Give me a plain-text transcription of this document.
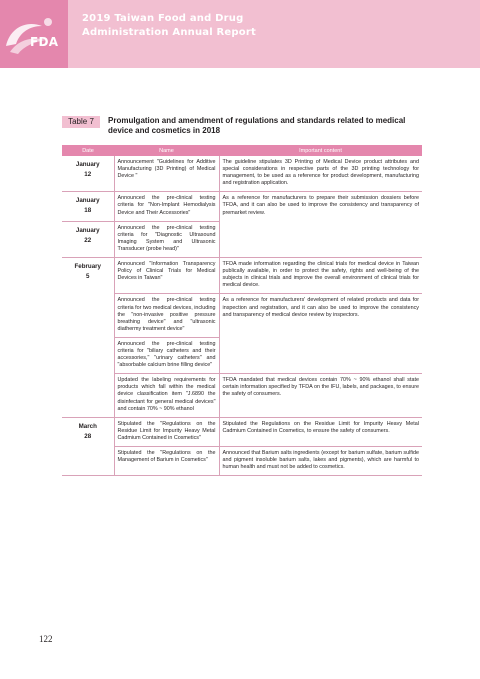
FDA
2019 Taiwan Food and Drug
Administration Annual Report
Table 7	Promulgation and amendment of regulations and standards related to medical device and cosmetics in 2018
Date	Name	Important content

January
12	Announcement "Guidelines for Additive Manufacturing (3D Printing) of Medical Device "	The guideline stipulates 3D Printing of Medical Device product attributes and special considerations in respective parts of the 3D printing technology for management, to be used as a reference for product development, manufacturing and registration application.

January
18	Announced the pre-clinical testing criteria for "Non-Implant Hemodialysis Device and Their Accessories"	As a reference for manufacturers to prepare their submission dossiers before TFDA, and it can also be used to improve the consistency and transparency of premarket review.

January
22	Announced the pre-clinical testing criteria for "Diagnostic Ultrasound Imaging System and Ultrasonic Transducer (probe head)"	

February
5	Announced "Information Transparency Policy of Clinical Trials for Medical Devices in Taiwan"	TFDA made information regarding the clinical trials for medical device in Taiwan publically available, in order to protect the safety, rights and well-being of the subjects in clinical trials and improve the overall environment of clinical trials for medical device.
	Announced the pre-clinical testing criteria for two medical devices, including the "non-invasive positive pressure breathing device" and "ultrasonic diathermy treatment device"	As a reference for manufacturers' development of related products and data for inspection and registration, and it can also be used to improve the consistency and transparency of medical device review by inspectors.
	Announced the pre-clinical testing criteria for "biliary catheters and their accessories," "urinary catheters" and "absorbable calcium brine filling device"	
	Updated the labeling requirements for products which fall within the medical device classification item "J.6890 the disinfectant for general medical devices" and contain 70% ~ 90% ethanol	TFDA mandated that medical devices contain 70% ~ 90% ethanol shall state certain information specified by TFDA on the IFU, labels, and packages, to ensure the safety of consumers.

March
28	Stipulated the "Regulations on the Residue Limit for Impurity Heavy Metal Cadmium Contained in Cosmetics"	Stipulated the Regulations on the Residue Limit for Impurity Heavy Metal Cadmium Contained in Cosmetics, to ensure the safety of consumers.
	Stipulated the "Regulations on the Management of Barium in Cosmetics"	Announced that Barium salts ingredients (except for barium sulfate, barium sulfide and pigment insoluble barium salts, lakes and pigments), which are harmful to human health and must not be added to cosmetics.
122
